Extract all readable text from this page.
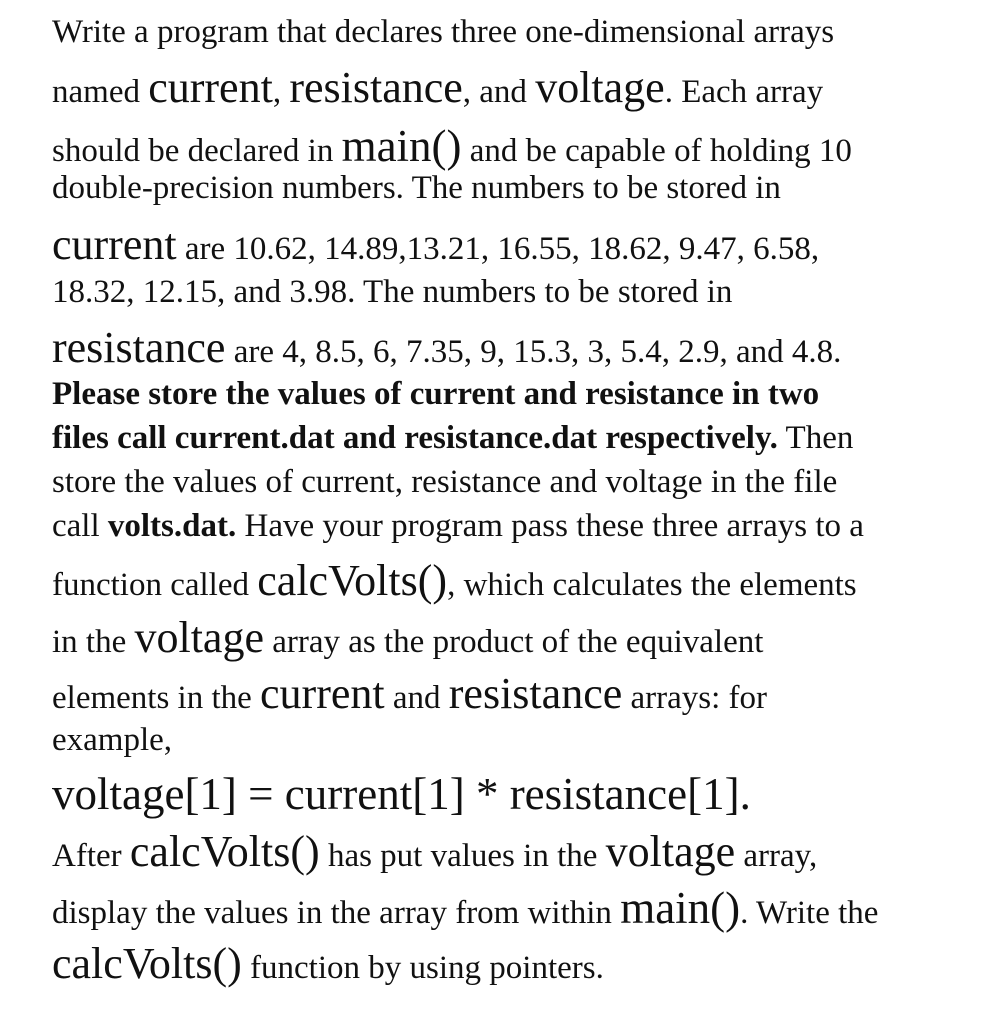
Write a program that declares three one-dimensional arrays
named current, resistance, and voltage. Each array
should be declared in main() and be capable of holding 10
double-precision numbers. The numbers to be stored in
current are 10.62, 14.89,13.21, 16.55, 18.62, 9.47, 6.58,
18.32, 12.15, and 3.98. The numbers to be stored in
resistance are 4, 8.5, 6, 7.35, 9, 15.3, 3, 5.4, 2.9, and 4.8.
Please store the values of current and resistance in two
files call current.dat and resistance.dat respectively. Then
store the values of current, resistance and voltage in the file
call volts.dat. Have your program pass these three arrays to a
function called calcVolts(), which calculates the elements
in the voltage array as the product of the equivalent
elements in the current and resistance arrays: for
example,
voltage[1] = current[1] * resistance[1].
After calcVolts() has put values in the voltage array,
display the values in the array from within main(). Write the
calcVolts() function by using pointers.
